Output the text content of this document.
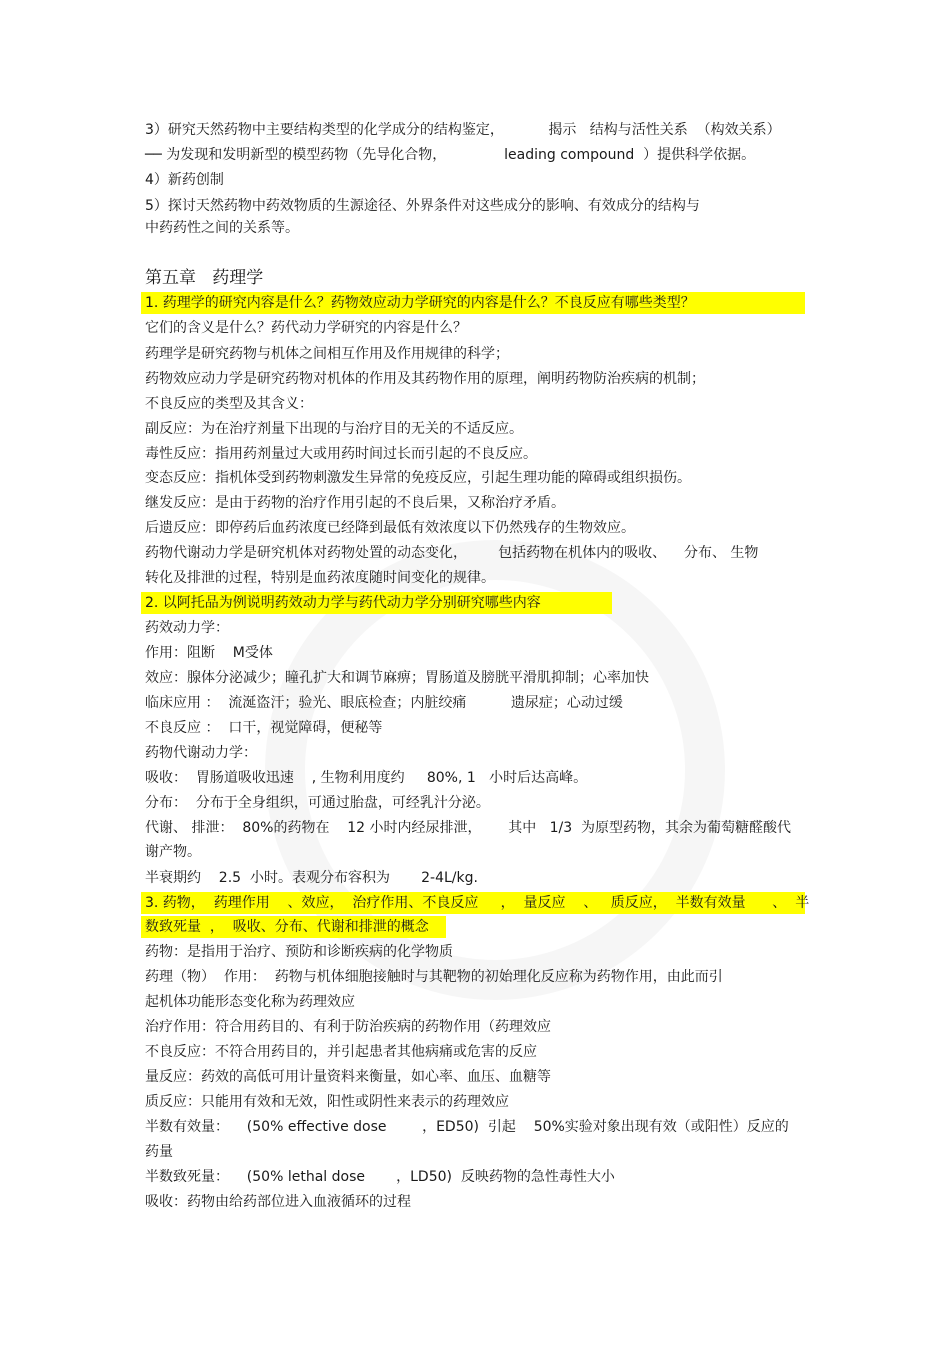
3）研究天然药物中主要结构类型的化学成分的结构鉴定，          揭示   结构与活性关系  （构效关系）
── 为发现和发明新型的模型药物（先导化合物，             leading compound  ）提供科学依据。
4）新药创制
5）探讨天然药物中药效物质的生源途径、外界条件对这些成分的影响、有效成分的结构与
中药药性之间的关系等。
第五章   药理学
1. 药理学的研究内容是什么？药物效应动力学研究的内容是什么？不良反应有哪些类型？
它们的含义是什么？药代动力学研究的内容是什么？
药理学是研究药物与机体之间相互作用及作用规律的科学；
药物效应动力学是研究药物对机体的作用及其药物作用的原理，阐明药物防治疾病的机制；
不良反应的类型及其含义：
副反应：为在治疗剂量下出现的与治疗目的无关的不适反应。
毒性反应：指用药剂量过大或用药时间过长而引起的不良反应。
变态反应：指机体受到药物刺激发生异常的免疫反应，引起生理功能的障碍或组织损伤。
继发反应：是由于药物的治疗作用引起的不良后果，又称治疗矛盾。
后遗反应：即停药后血药浓度已经降到最低有效浓度以下仍然残存的生物效应。
药物代谢动力学是研究机体对药物处置的动态变化，       包括药物在机体内的吸收、    分布、 生物
转化及排泄的过程，特别是血药浓度随时间变化的规律。
2. 以阿托品为例说明药效动力学与药代动力学分别研究哪些内容
药效动力学：
作用：阻断    M受体
效应：腺体分泌减少；瞳孔扩大和调节麻痹；胃肠道及膀胱平滑肌抑制；心率加快
临床应用 ：  流涎盗汗；验光、眼底检查；内脏绞痛          遗尿症；心动过缓
不良反应 ：  口干，视觉障碍，便秘等
药物代谢动力学：
吸收：  胃肠道吸收迅速    , 生物利用度约     80%, 1   小时后达高峰。
分布：  分布于全身组织，可通过胎盘，可经乳汁分泌。
代谢、 排泄：  80%的药物在    12 小时内经尿排泄，      其中   1/3  为原型药物，其余为葡萄糖醛酸代
谢产物。
半衰期约    2.5  小时。表观分布容积为       2-4L/kg.
3. 药物，  药理作用    、效应，  治疗作用、不良反应     ，  量反应    、   质反应，  半数有效量      、  半
数致死量  ，  吸收、分布、代谢和排泄的概念
药物：是指用于治疗、预防和诊断疾病的化学物质
药理（物）  作用：  药物与机体细胞接触时与其靶物的初始理化反应称为药物作用，由此而引
起机体功能形态变化称为药理效应
治疗作用：符合用药目的、有利于防治疾病的药物作用（药理效应
不良反应：不符合用药目的，并引起患者其他病痛或危害的反应
量反应：药效的高低可用计量资料来衡量，如心率、血压、血糖等
质反应：只能用有效和无效，阳性或阴性来表示的药理效应
半数有效量：    (50% effective dose        ，ED50)  引起    50%实验对象出现有效（或阳性）反应的
药量
半数致死量：    (50% lethal dose       ，LD50)  反映药物的急性毒性大小
吸收：药物由给药部位进入血液循环的过程
